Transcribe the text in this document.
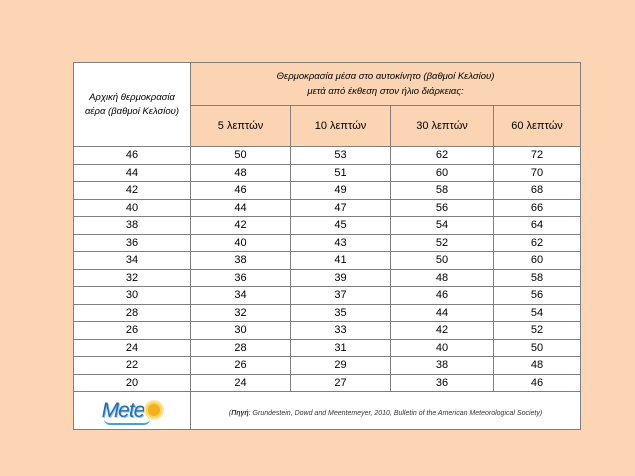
Αρχική θερμοκρασία αέρα (βαθμοί Κελσίου)	Θερμοκρασία μέσα στο αυτοκίνητο (βαθμοί Κελσίου)
μετά από έκθεση στον ήλιο διάρκειας:			

	5 λεπτών	10 λεπτών	30 λεπτών	60 λεπτών
46	50	53	62	72
44	48	51	60	70
42	46	49	58	68
40	44	47	56	66
38	42	45	54	64
36	40	43	52	62
34	38	41	50	60
32	36	39	48	58
30	34	37	46	56
28	32	35	44	54
26	30	33	42	52
24	28	31	40	50
22	26	29	38	48
20	24	27	36	46
Mete	(Πηγή: Grundestein, Dowd and Meentemeyer, 2010, Bulletin of the American Meteorological Society)			
